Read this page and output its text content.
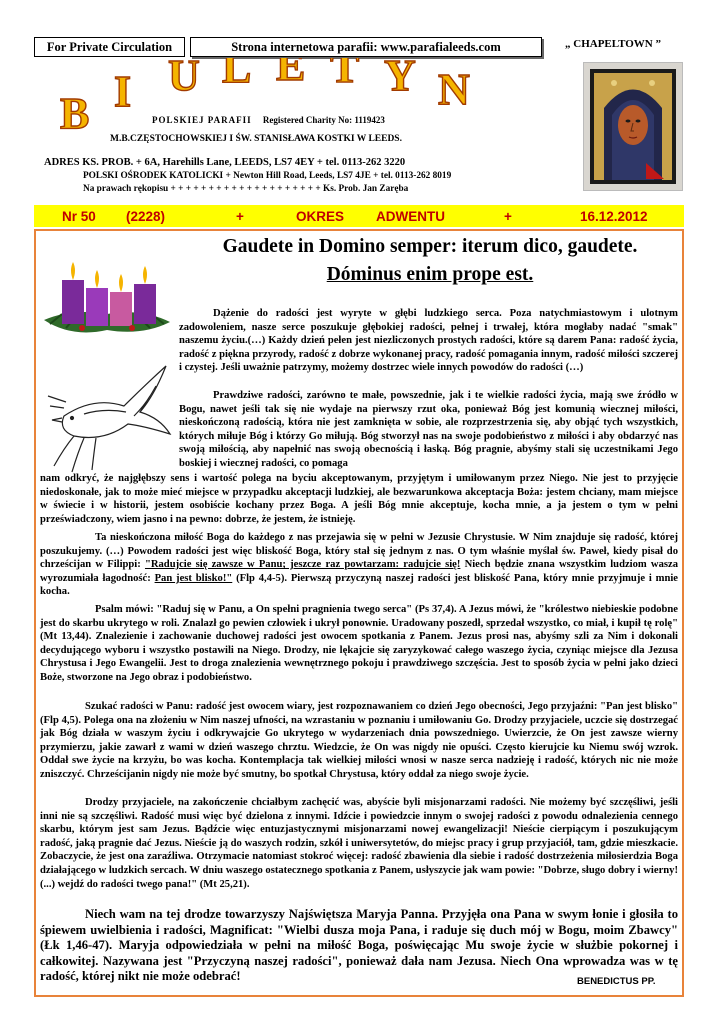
For Private Circulation	Strona internetowa parafii: www.parafialeeds.com	„ CHAPELTOWN ”
B I U L E T Y N
POLSKIEJ PARAFII Registered Charity No: 1119423
M.B.CZĘSTOCHOWSKIEJ I ŚW. STANISŁAWA KOSTKI W LEEDS.
ADRES KS. PROB. + 6A, Harehills Lane, LEEDS, LS7 4EY + tel. 0113-262 3220
POLSKI OŚRODEK KATOLICKI + Newton Hill Road, Leeds, LS7 4JE + tel. 0113-262 8019
Na prawach rękopisu + + + + + + + + + + + + + + + + + + + + Ks. Prob. Jan Zaręba
Nr 50 (2228)	+	OKRES ADWENTU	+	16.12.2012
Gaudete in Domino semper: iterum dico, gaudete.
Dóminus enim prope est.
Dążenie do radości jest wyryte w głębi ludzkiego serca. Poza natychmiastowym i ulotnym zadowoleniem, nasze serce poszukuje głębokiej radości, pełnej i trwałej, która mogłaby nadać "smak" naszemu życiu.(…) Każdy dzień pełen jest niezliczonych prostych radości, które są darem Pana: radość życia, radość z piękna przyrody, radość z dobrze wykonanej pracy, radość pomagania innym, radość miłości szczerej i czystej. Jeśli uważnie patrzymy, możemy dostrzec wiele innych powodów do radości (…)
Prawdziwe radości, zarówno te małe, powszednie, jak i te wielkie radości życia, mają swe źródło w Bogu, nawet jeśli tak się nie wydaje na pierwszy rzut oka, ponieważ Bóg jest komunią wiecznej miłości, nieskończoną radością, która nie jest zamknięta w sobie, ale rozprzestrzenia się, aby objąć tych wszystkich, których miłuje Bóg i którzy Go miłują. Bóg stworzył nas na swoje podobieństwo z miłości i aby obdarzyć nas swoją miłością, aby napełnić nas swoją obecnością i łaską. Bóg pragnie, abyśmy stali się uczestnikami Jego boskiej i wiecznej radości, co pomaga
nam odkryć, że najgłębszy sens i wartość polega na byciu akceptowanym, przyjętym i umiłowanym przez Niego. Nie jest to przyjęcie niedoskonałe, jak to może mieć miejsce w przypadku akceptacji ludzkiej, ale bezwarunkowa akceptacja Boża: jestem chciany, mam miejsce w świecie i w historii, jestem osobiście kochany przez Boga. A jeśli Bóg mnie akceptuje, kocha mnie, a ja jestem o tym w pełni przeświadczony, wiem jasno i na pewno: dobrze, że jestem, że istnieję.
Ta nieskończona miłość Boga do każdego z nas przejawia się w pełni w Jezusie Chrystusie. W Nim znajduje się radość, której poszukujemy. (…) Powodem radości jest więc bliskość Boga, który stał się jednym z nas. O tym właśnie myślał św. Paweł, kiedy pisał do chrześcijan w Filippi: "Radujcie się zawsze w Panu; jeszcze raz powtarzam: radujcie się! Niech będzie znana wszystkim ludziom wasza wyrozumiała łagodność: Pan jest blisko!" (Flp 4,4-5). Pierwszą przyczyną naszej radości jest bliskość Pana, który mnie przyjmuje i mnie kocha.
Psalm mówi: "Raduj się w Panu, a On spełni pragnienia twego serca" (Ps 37,4). A Jezus mówi, że "królestwo niebieskie podobne jest do skarbu ukrytego w roli. Znalazł go pewien człowiek i ukrył ponownie. Uradowany poszedł, sprzedał wszystko, co miał, i kupił tę rolę" (Mt 13,44). Znalezienie i zachowanie duchowej radości jest owocem spotkania z Panem. Jezus prosi nas, abyśmy szli za Nim i dokonali decydującego wyboru i wszystko postawili na Niego. Drodzy, nie lękajcie się zaryzykować całego waszego życia, czyniąc miejsce dla Jezusa Chrystusa i Jego Ewangelii. Jest to droga znalezienia wewnętrznego pokoju i prawdziwego szczęścia. Jest to sposób życia w pełni jako dzieci Boże, stworzone na Jego obraz i podobieństwo.
Szukać radości w Panu: radość jest owocem wiary, jest rozpoznawaniem co dzień Jego obecności, Jego przyjaźni: "Pan jest blisko" (Flp 4,5). Polega ona na złożeniu w Nim naszej ufności, na wzrastaniu w poznaniu i umiłowaniu Go. Drodzy przyjaciele, uczcie się dostrzegać jak Bóg działa w waszym życiu i odkrywajcie Go ukrytego w wydarzeniach dnia powszedniego. Uwierzcie, że On jest zawsze wierny przymierzu, jakie zawarł z wami w dzień waszego chrztu. Wiedzcie, że On was nigdy nie opuści. Często kierujcie ku Niemu swój wzrok. Oddał swe życie na krzyżu, bo was kocha. Kontemplacja tak wielkiej miłości wnosi w nasze serca nadzieję i radość, których nic nie może zniszczyć. Chrześcijanin nigdy nie może być smutny, bo spotkał Chrystusa, który oddał za niego swoje życie.
Drodzy przyjaciele, na zakończenie chciałbym zachęcić was, abyście byli misjonarzami radości. Nie możemy być szczęśliwi, jeśli inni nie są szczęśliwi. Radość musi więc być dzielona z innymi. Idźcie i powiedzcie innym o swojej radości z powodu odnalezienia cennego skarbu, którym jest sam Jezus. Bądźcie więc entuzjastycznymi misjonarzami nowej ewangelizacji! Nieście cierpiącym i poszukującym radość, jaką pragnie dać Jezus. Nieście ją do waszych rodzin, szkół i uniwersytetów, do miejsc pracy i grup przyjaciół, tam, gdzie mieszkacie. Zobaczycie, że jest ona zaraźliwa. Otrzymacie natomiast stokroć więcej: radość zbawienia dla siebie i radość dostrzeżenia miłosierdzia Boga działającego w ludzkich sercach. W dniu waszego ostatecznego spotkania z Panem, usłyszycie jak wam powie: "Dobrze, sługo dobry i wierny! (...) wejdź do radości twego pana!" (Mt 25,21).
Niech wam na tej drodze towarzyszy Najświętsza Maryja Panna. Przyjęła ona Pana w swym łonie i głosiła to śpiewem uwielbienia i radości, Magnificat: "Wielbi dusza moja Pana, i raduje się duch mój w Bogu, moim Zbawcy" (Łk 1,46-47). Maryja odpowiedziała w pełni na miłość Boga, poświęcając Mu swoje życie w służbie pokornej i całkowitej. Nazywana jest "Przyczyną naszej radości", ponieważ dała nam Jezusa. Niech Ona wprowadza was w tę radość, której nikt nie może odebrać!	BENEDICTUS PP.
